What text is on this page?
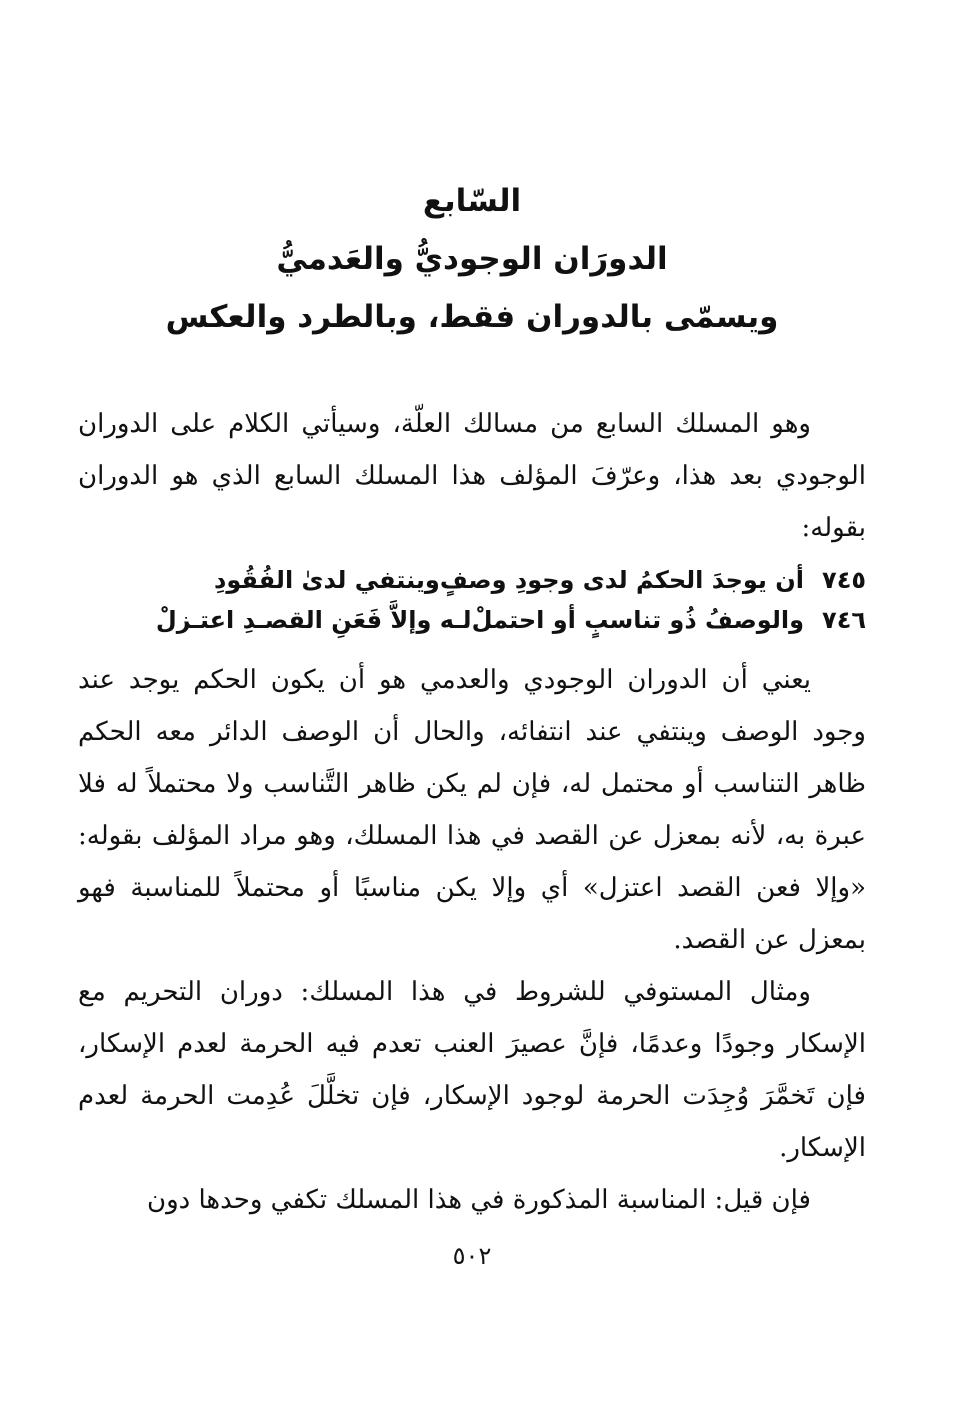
السّابع
الدورَان الوجوديُّ والعَدميُّ
ويسمّى بالدوران فقط، وبالطرد والعكس

وهو المسلك السابع من مسالك العلّة، وسيأتي الكلام على الدوران الوجودي بعد هذا، وعرّفَ المؤلف هذا المسلك السابع الذي هو الدوران بقوله:

٧٤٥
أن يوجدَ الحكمُ لدى وجودِ وصفٍ
وينتفي لدىٰ الفُقُودِ
٧٤٦
والوصفُ ذُو تناسبٍ أو احتملْ
لـه وإلاَّ فَعَنِ القصـدِ اعتـزلْ

يعني أن الدوران الوجودي والعدمي هو أن يكون الحكم يوجد عند وجود الوصف وينتفي عند انتفائه، والحال أن الوصف الدائر معه الحكم ظاهر التناسب أو محتمل له، فإن لم يكن ظاهر التَّناسب ولا محتملاً له فلا عبرة به، لأنه بمعزل عن القصد في هذا المسلك، وهو مراد المؤلف بقوله: «وإلا فعن القصد اعتزل» أي وإلا يكن مناسبًا أو محتملاً للمناسبة فهو بمعزل عن القصد.

ومثال المستوفي للشروط في هذا المسلك: دوران التحريم مع الإسكار وجودًا وعدمًا، فإنَّ عصيرَ العنب تعدم فيه الحرمة لعدم الإسكار، فإن تَخمَّرَ وُجِدَت الحرمة لوجود الإسكار، فإن تخلَّلَ عُدِمت الحرمة لعدم الإسكار.

فإن قيل: المناسبة المذكورة في هذا المسلك تكفي وحدها دون

٥٠٢
